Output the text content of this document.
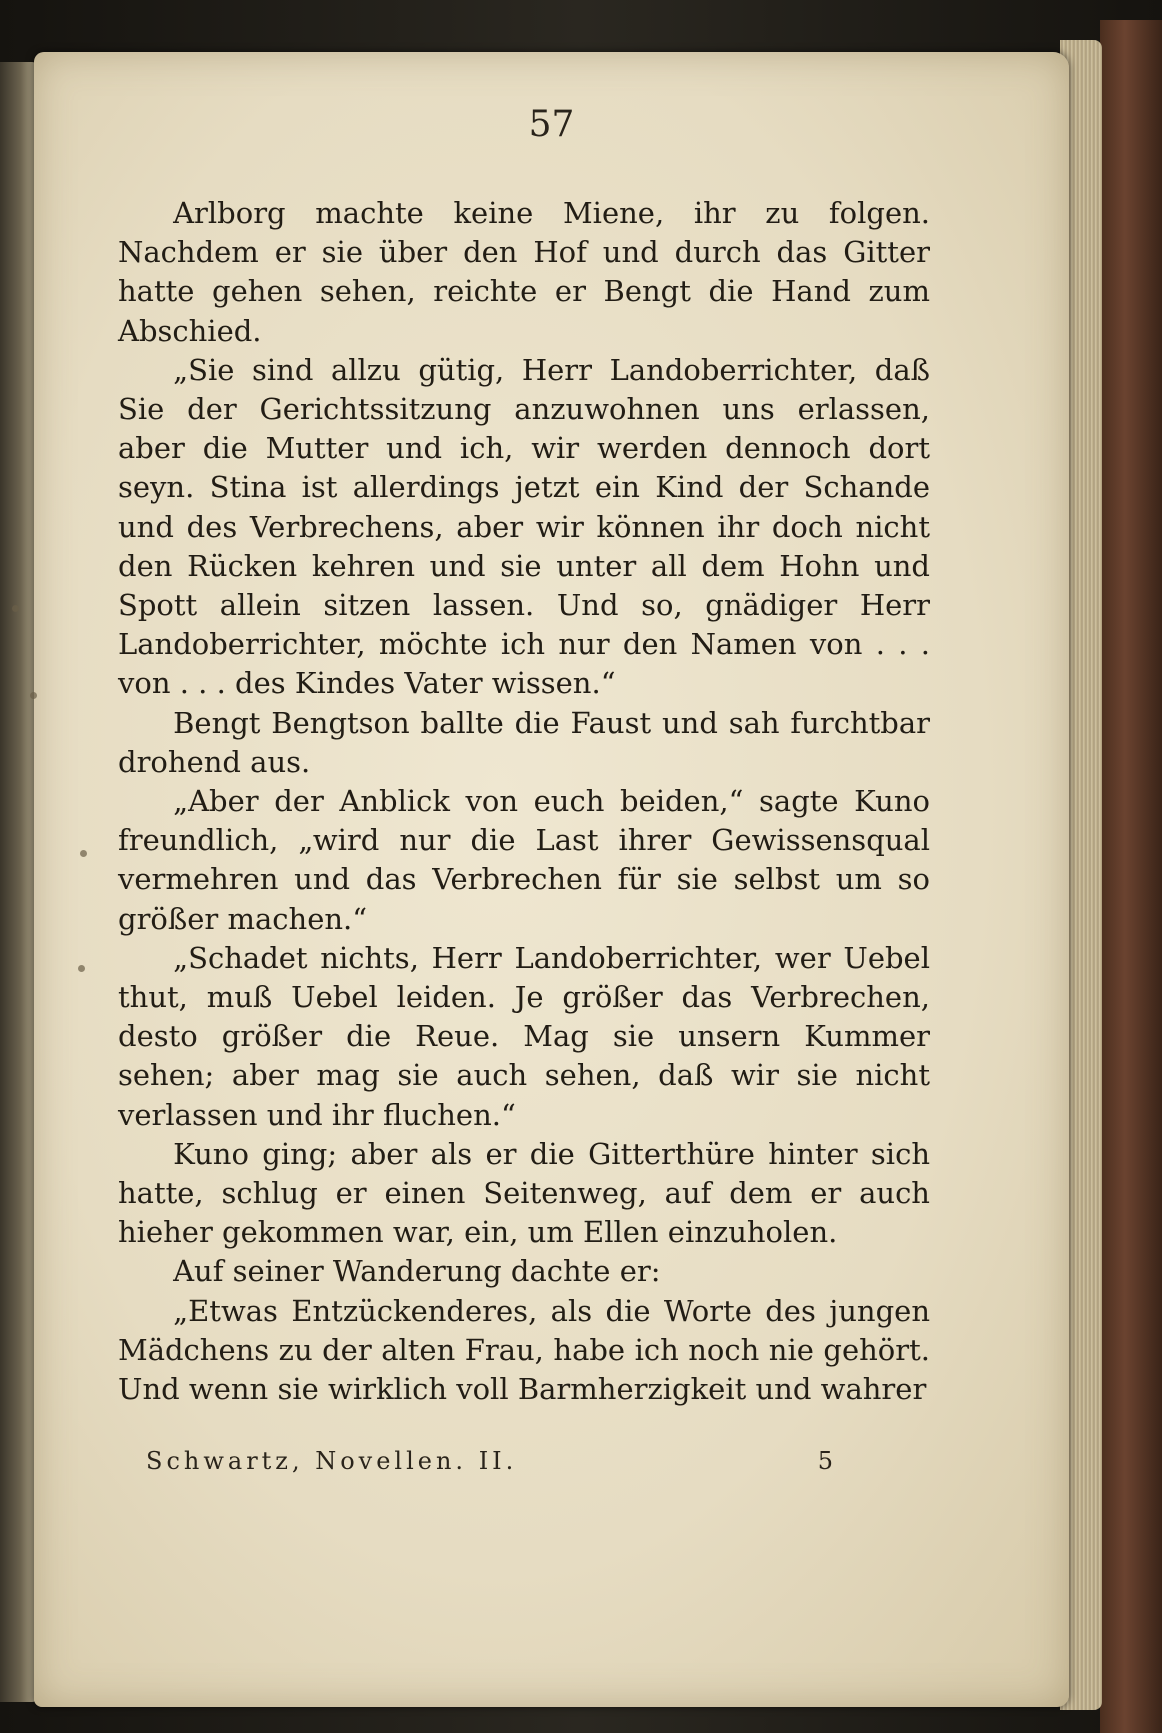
57

Arlborg machte keine Miene, ihr zu folgen. Nachdem er sie über den Hof und durch das Gitter hatte gehen sehen, reichte er Bengt die Hand zum Abschied.

„Sie sind allzu gütig, Herr Landoberrichter, daß Sie der Gerichtssitzung anzuwohnen uns erlassen, aber die Mutter und ich, wir werden dennoch dort seyn. Stina ist allerdings jetzt ein Kind der Schande und des Verbrechens, aber wir können ihr doch nicht den Rücken kehren und sie unter all dem Hohn und Spott allein sitzen lassen. Und so, gnädiger Herr Landoberrichter, möchte ich nur den Namen von . . . von . . . des Kindes Vater wissen.“

Bengt Bengtson ballte die Faust und sah furchtbar drohend aus.

„Aber der Anblick von euch beiden,“ sagte Kuno freundlich, „wird nur die Last ihrer Gewissensqual vermehren und das Verbrechen für sie selbst um so größer machen.“

„Schadet nichts, Herr Landoberrichter, wer Uebel thut, muß Uebel leiden. Je größer das Verbrechen, desto größer die Reue. Mag sie unsern Kummer sehen; aber mag sie auch sehen, daß wir sie nicht verlassen und ihr fluchen.“

Kuno ging; aber als er die Gitterthüre hinter sich hatte, schlug er einen Seitenweg, auf dem er auch hieher gekommen war, ein, um Ellen einzuholen.

Auf seiner Wanderung dachte er:

„Etwas Entzückenderes, als die Worte des jungen Mädchens zu der alten Frau, habe ich noch nie gehört. Und wenn sie wirklich voll Barmherzigkeit und wahrer

Schwartz, Novellen. II.	5
